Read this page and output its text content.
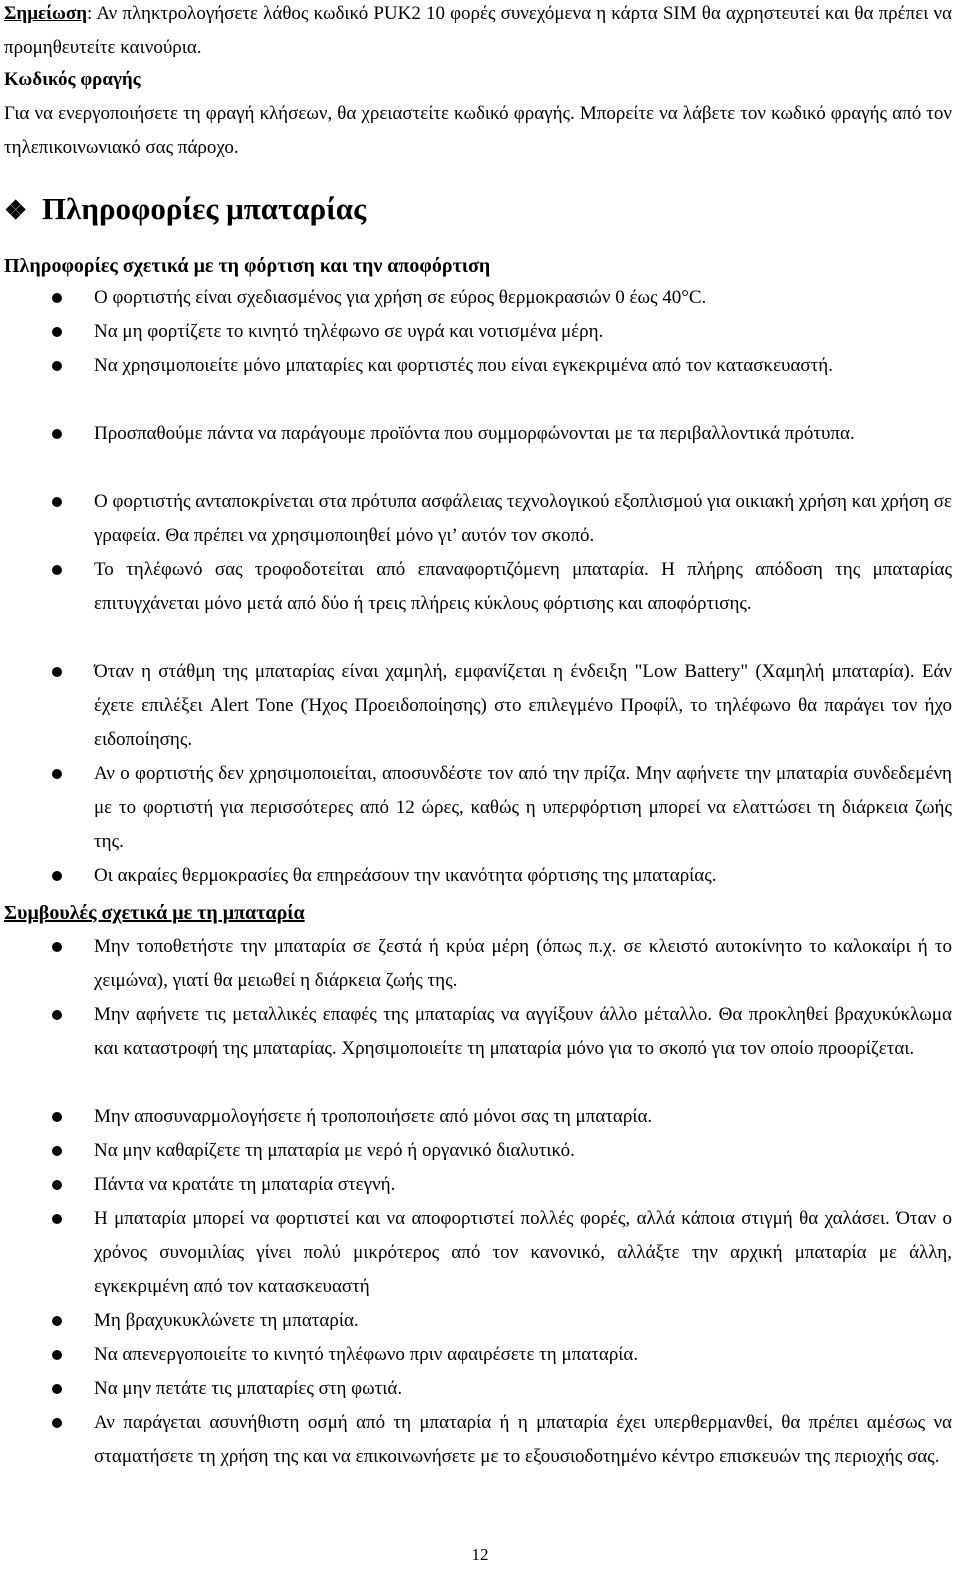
Σημείωση: Αν πληκτρολογήσετε λάθος κωδικό PUK2 10 φορές συνεχόμενα η κάρτα SIM θα αχρηστευτεί και θα πρέπει να προμηθευτείτε καινούρια.
Κωδικός φραγής
Για να ενεργοποιήσετε τη φραγή κλήσεων, θα χρειαστείτε κωδικό φραγής. Μπορείτε να λάβετε τον κωδικό φραγής από τον τηλεπικοινωνιακό σας πάροχο.
❖ Πληροφορίες μπαταρίας
Πληροφορίες σχετικά με τη φόρτιση και την αποφόρτιση
Ο φορτιστής είναι σχεδιασμένος για χρήση σε εύρος θερμοκρασιών 0 έως 40°C.
Να μη φορτίζετε το κινητό τηλέφωνο σε υγρά και νοτισμένα μέρη.
Να χρησιμοποιείτε μόνο μπαταρίες και φορτιστές που είναι εγκεκριμένα από τον κατασκευαστή.
Προσπαθούμε πάντα να παράγουμε προϊόντα που συμμορφώνονται με τα περιβαλλοντικά πρότυπα.
Ο φορτιστής ανταποκρίνεται στα πρότυπα ασφάλειας τεχνολογικού εξοπλισμού για οικιακή χρήση και χρήση σε γραφεία. Θα πρέπει να χρησιμοποιηθεί μόνο γι’ αυτόν τον σκοπό.
Το τηλέφωνό σας τροφοδοτείται από επαναφορτιζόμενη μπαταρία. Η πλήρης απόδοση της μπαταρίας επιτυγχάνεται μόνο μετά από δύο ή τρεις πλήρεις κύκλους φόρτισης και αποφόρτισης.
Όταν η στάθμη της μπαταρίας είναι χαμηλή, εμφανίζεται η ένδειξη "Low Battery" (Χαμηλή μπαταρία). Εάν έχετε επιλέξει Alert Tone (Ήχος Προειδοποίησης) στο επιλεγμένο Προφίλ, το τηλέφωνο θα παράγει τον ήχο ειδοποίησης.
Αν ο φορτιστής δεν χρησιμοποιείται, αποσυνδέστε τον από την πρίζα. Μην αφήνετε την μπαταρία συνδεδεμένη με το φορτιστή για περισσότερες από 12 ώρες, καθώς η υπερφόρτιση μπορεί να ελαττώσει τη διάρκεια ζωής της.
Οι ακραίες θερμοκρασίες θα επηρεάσουν την ικανότητα φόρτισης της μπαταρίας.
Συμβουλές σχετικά με τη μπαταρία
Μην τοποθετήστε την μπαταρία σε ζεστά ή κρύα μέρη (όπως π.χ. σε κλειστό αυτοκίνητο το καλοκαίρι ή το χειμώνα), γιατί θα μειωθεί η διάρκεια ζωής της.
Μην αφήνετε τις μεταλλικές επαφές της μπαταρίας να αγγίξουν άλλο μέταλλο. Θα προκληθεί βραχυκύκλωμα και καταστροφή της μπαταρίας. Χρησιμοποιείτε τη μπαταρία μόνο για το σκοπό για τον οποίο προορίζεται.
Μην αποσυναρμολογήσετε ή τροποποιήσετε από μόνοι σας τη μπαταρία.
Να μην καθαρίζετε τη μπαταρία με νερό ή οργανικό διαλυτικό.
Πάντα να κρατάτε τη μπαταρία στεγνή.
Η μπαταρία μπορεί να φορτιστεί και να αποφορτιστεί πολλές φορές, αλλά κάποια στιγμή θα χαλάσει. Όταν ο χρόνος συνομιλίας γίνει πολύ μικρότερος από τον κανονικό, αλλάξτε την αρχική μπαταρία με άλλη, εγκεκριμένη από τον κατασκευαστή
Μη βραχυκυκλώνετε τη μπαταρία.
Να απενεργοποιείτε το κινητό τηλέφωνο πριν αφαιρέσετε τη μπαταρία.
Να μην πετάτε τις μπαταρίες στη φωτιά.
Αν παράγεται ασυνήθιστη οσμή από τη μπαταρία ή η μπαταρία έχει υπερθερμανθεί, θα πρέπει αμέσως να σταματήσετε τη χρήση της και να επικοινωνήσετε με το εξουσιοδοτημένο κέντρο επισκευών της περιοχής σας.
12
